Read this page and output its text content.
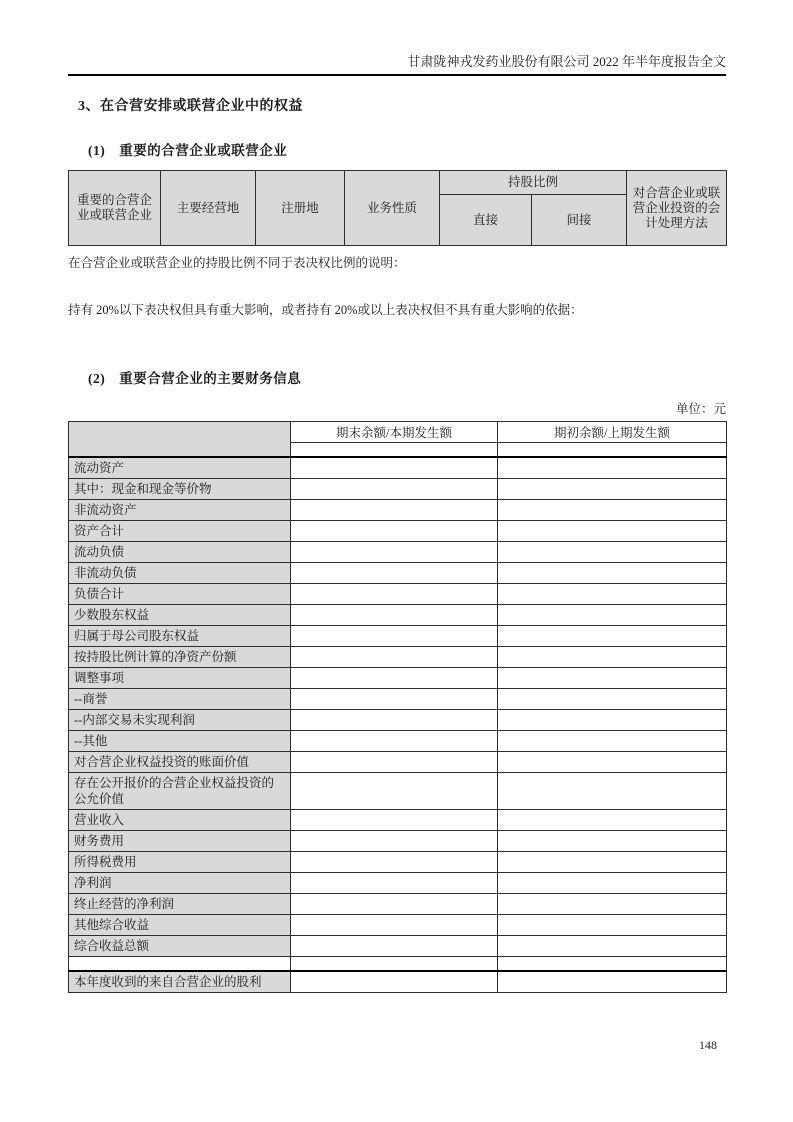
甘肃陇神戎发药业股份有限公司 2022 年半年度报告全文
3、在合营安排或联营企业中的权益
(1) 重要的合营企业或联营企业
重要的合营企业或联营企业	主要经营地	注册地	业务性质	持股比例		对合营企业或联营企业投资的会计处理方法
				直接	间接	
在合营企业或联营企业的持股比例不同于表决权比例的说明：
持有 20%以下表决权但具有重大影响，或者持有 20%或以上表决权但不具有重大影响的依据：
(2) 重要合营企业的主要财务信息
单位：元
	期末余额/本期发生额	期初余额/上期发生额

流动资产		
其中：现金和现金等价物		
非流动资产		
资产合计		
流动负债		
非流动负债		
负债合计		
少数股东权益		
归属于母公司股东权益		
按持股比例计算的净资产份额		
调整事项		
--商誉		
--内部交易未实现利润		
--其他		
对合营企业权益投资的账面价值		
存在公开报价的合营企业权益投资的公允价值		
营业收入		
财务费用		
所得税费用		
净利润		
终止经营的净利润		
其他综合收益		
综合收益总额		

本年度收到的来自合营企业的股利		
148
